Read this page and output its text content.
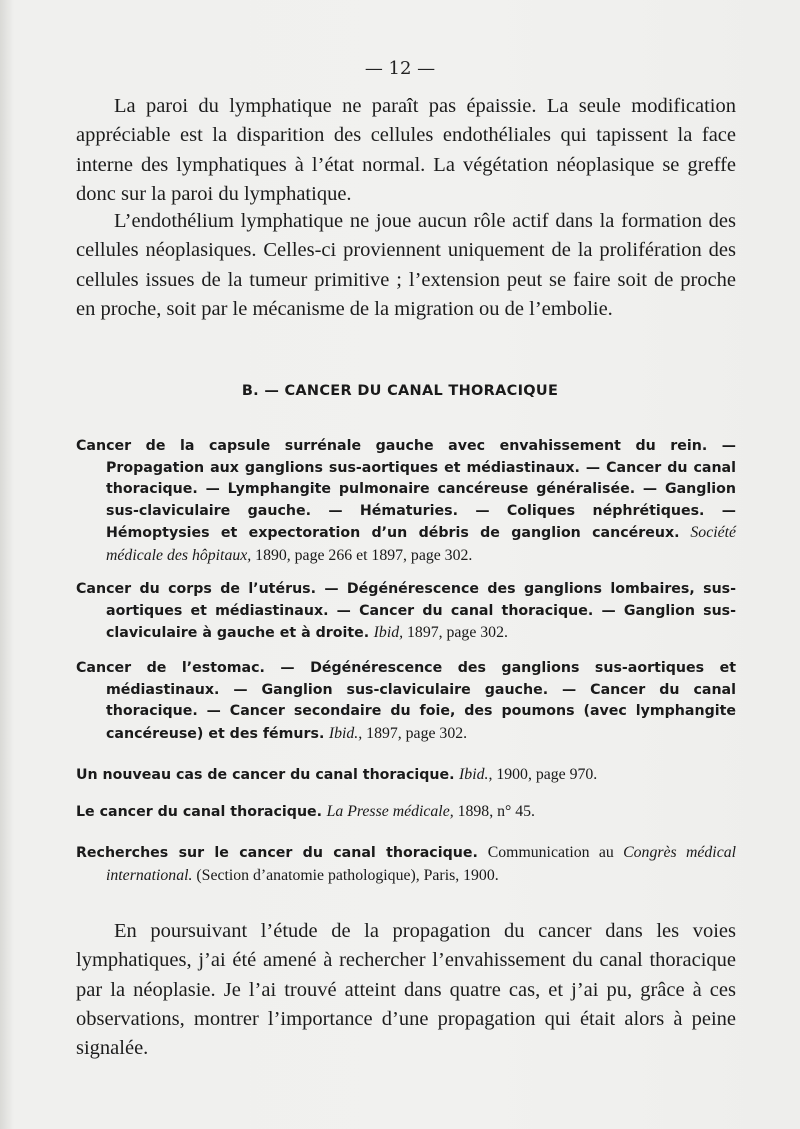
— 12 —

La paroi du lymphatique ne paraît pas épaissie. La seule modification appréciable est la disparition des cellules endothéliales qui tapissent la face interne des lymphatiques à l’état normal. La végétation néoplasique se greffe donc sur la paroi du lymphatique.

L’endothélium lymphatique ne joue aucun rôle actif dans la formation des cellules néoplasiques. Celles-ci proviennent uniquement de la prolifération des cellules issues de la tumeur primitive ; l’extension peut se faire soit de proche en proche, soit par le mécanisme de la migration ou de l’embolie.

B. — CANCER DU CANAL THORACIQUE
Cancer de la capsule surrénale gauche avec envahissement du rein. — Propagation aux ganglions sus-aortiques et médiastinaux. — Cancer du canal thoracique. — Lymphangite pulmonaire cancéreuse généralisée. — Ganglion sus-claviculaire gauche. — Hématuries. — Coliques néphrétiques. — Hémoptysies et expectoration d’un débris de ganglion cancéreux. Société médicale des hôpitaux, 1890, page 266 et 1897, page 302.
Cancer du corps de l’utérus. — Dégénérescence des ganglions lombaires, sus-aortiques et médiastinaux. — Cancer du canal thoracique. — Ganglion sus-claviculaire à gauche et à droite. Ibid, 1897, page 302.
Cancer de l’estomac. — Dégénérescence des ganglions sus-aortiques et médiastinaux. — Ganglion sus-claviculaire gauche. — Cancer du canal thoracique. — Cancer secondaire du foie, des poumons (avec lymphangite cancéreuse) et des fémurs. Ibid., 1897, page 302.
Un nouveau cas de cancer du canal thoracique. Ibid., 1900, page 970.
Le cancer du canal thoracique. La Presse médicale, 1898, n° 45.
Recherches sur le cancer du canal thoracique. Communication au Congrès médical international. (Section d’anatomie pathologique), Paris, 1900.

En poursuivant l’étude de la propagation du cancer dans les voies lymphatiques, j’ai été amené à rechercher l’envahissement du canal thoracique par la néoplasie. Je l’ai trouvé atteint dans quatre cas, et j’ai pu, grâce à ces observations, montrer l’importance d’une propagation qui était alors à peine signalée.
